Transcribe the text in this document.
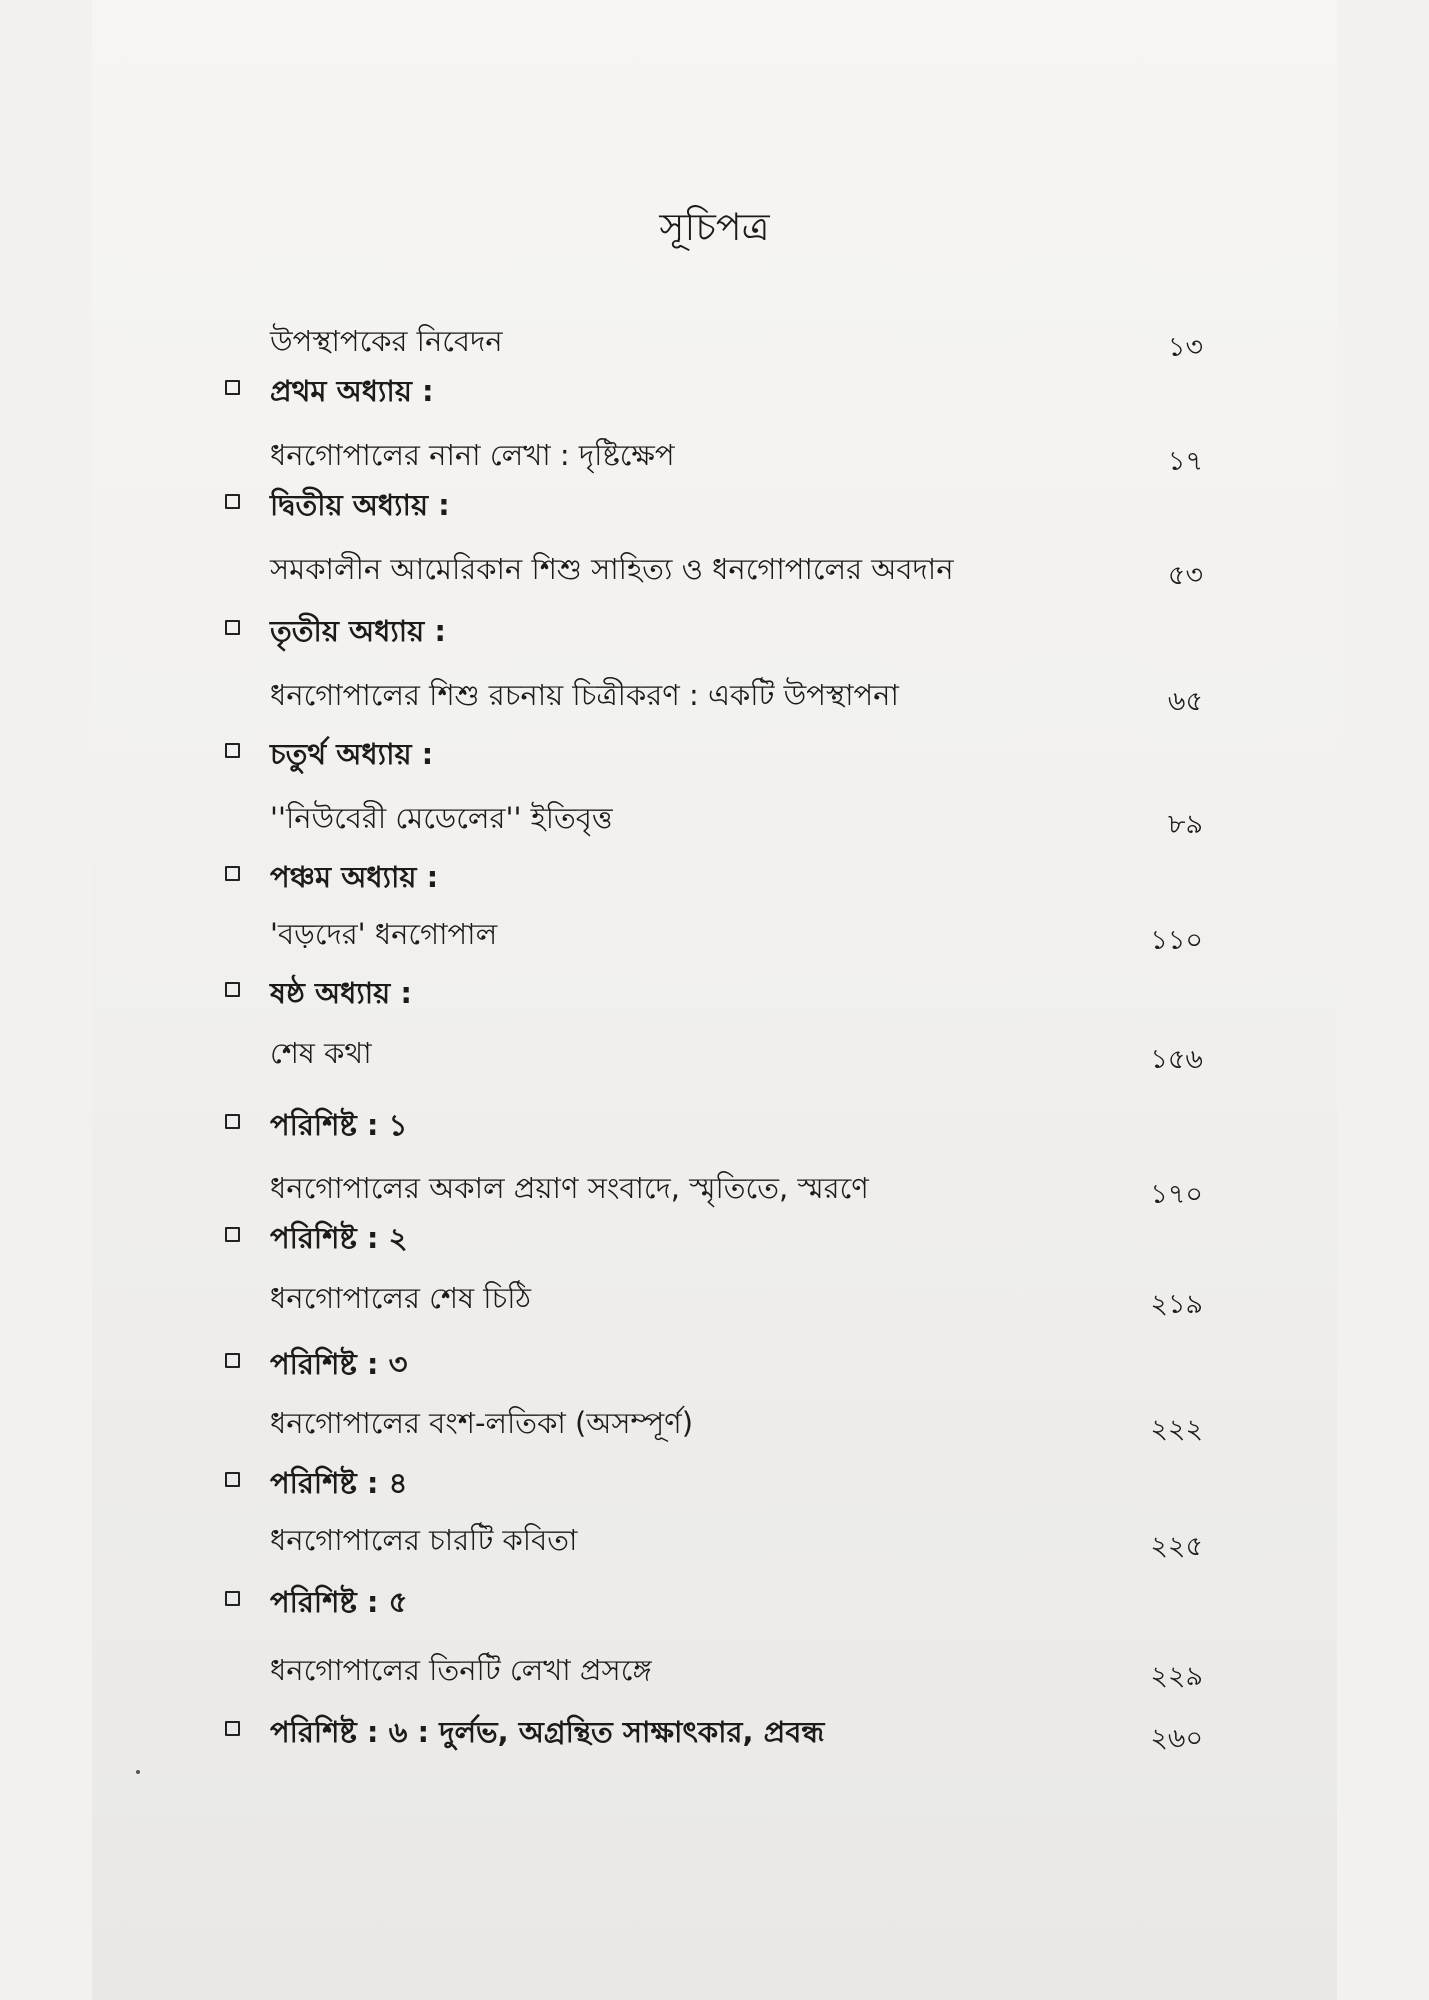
সূচিপত্র
উপস্থাপকের নিবেদন	১৩
প্রথম অধ্যায় :
ধনগোপালের নানা লেখা : দৃষ্টিক্ষেপ	১৭
দ্বিতীয় অধ্যায় :
সমকালীন আমেরিকান শিশু সাহিত্য ও ধনগোপালের অবদান	৫৩
তৃতীয় অধ্যায় :
ধনগোপালের শিশু রচনায় চিত্রীকরণ : একটি উপস্থাপনা	৬৫
চতুর্থ অধ্যায় :
''নিউবেরী মেডেলের'' ইতিবৃত্ত	৮৯
পঞ্চম অধ্যায় :
'বড়দের' ধনগোপাল	১১০
ষষ্ঠ অধ্যায় :
শেষ কথা	১৫৬
পরিশিষ্ট : ১
ধনগোপালের অকাল প্রয়াণ সংবাদে, স্মৃতিতে, স্মরণে	১৭০
পরিশিষ্ট : ২
ধনগোপালের শেষ চিঠি	২১৯
পরিশিষ্ট : ৩
ধনগোপালের বংশ-লতিকা (অসম্পূর্ণ)	২২২
পরিশিষ্ট : ৪
ধনগোপালের চারটি কবিতা	২২৫
পরিশিষ্ট : ৫
ধনগোপালের তিনটি লেখা প্রসঙ্গে	২২৯
পরিশিষ্ট : ৬ : দুর্লভ, অগ্রন্থিত সাক্ষাৎকার, প্রবন্ধ	২৬০
